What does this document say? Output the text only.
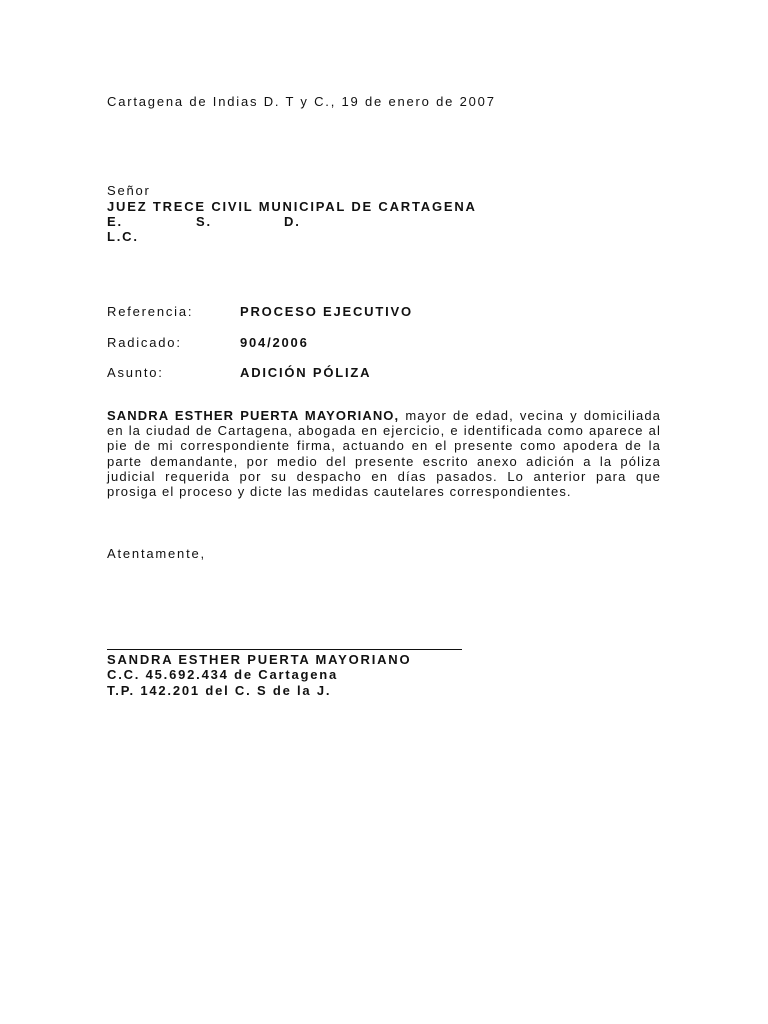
Cartagena de Indias D. T y C., 19 de enero de 2007
Señor
JUEZ TRECE CIVIL MUNICIPAL DE CARTAGENA
E.	S.	D.
L.C.
Referencia:	PROCESO EJECUTIVO
Radicado:	904/2006
Asunto:	ADICIÓN PÓLIZA
SANDRA ESTHER PUERTA MAYORIANO, mayor de edad, vecina y domiciliada en la ciudad de Cartagena, abogada en ejercicio, e identificada como aparece al pie de mi correspondiente firma, actuando en el presente como apodera de la parte demandante, por medio del presente escrito anexo adición a la póliza judicial requerida por su despacho en días pasados. Lo anterior para que prosiga el proceso y dicte las medidas cautelares correspondientes.
Atentamente,
SANDRA ESTHER PUERTA MAYORIANO
C.C. 45.692.434 de Cartagena
T.P. 142.201 del C. S de la J.
